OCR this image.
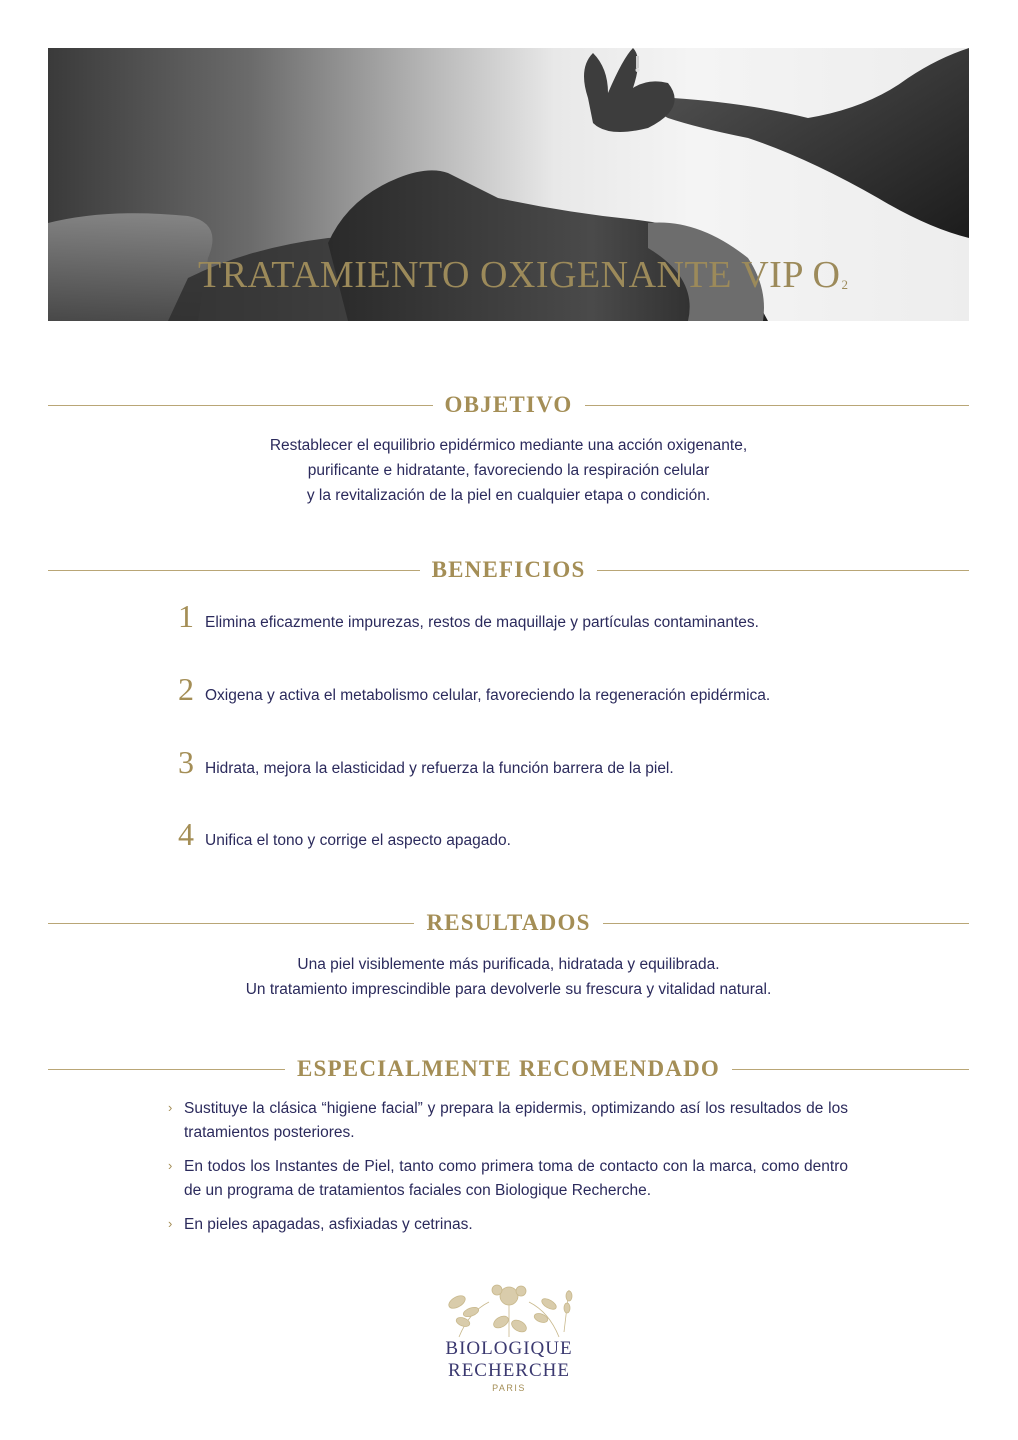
TRATAMIENTO OXIGENANTE VIP O2
OBJETIVO
Restablecer el equilibrio epidérmico mediante una acción oxigenante,
purificante e hidratante, favoreciendo la respiración celular
y la revitalización de la piel en cualquier etapa o condición.
BENEFICIOS
1 Elimina eficazmente impurezas, restos de maquillaje y partículas contaminantes.
2 Oxigena y activa el metabolismo celular, favoreciendo la regeneración epidérmica.
3 Hidrata, mejora la elasticidad y refuerza la función barrera de la piel.
4 Unifica el tono y corrige el aspecto apagado.
RESULTADOS
Una piel visiblemente más purificada, hidratada y equilibrada.
Un tratamiento imprescindible para devolverle su frescura y vitalidad natural.
ESPECIALMENTE RECOMENDADO
› Sustituye la clásica “higiene facial” y prepara la epidermis, optimizando así los resultados de los tratamientos posteriores.
› En todos los Instantes de Piel, tanto como primera toma de contacto con la marca, como dentro de un programa de tratamientos faciales con Biologique Recherche.
› En pieles apagadas, asfixiadas y cetrinas.
BIOLOGIQUE
RECHERCHE
PARIS
